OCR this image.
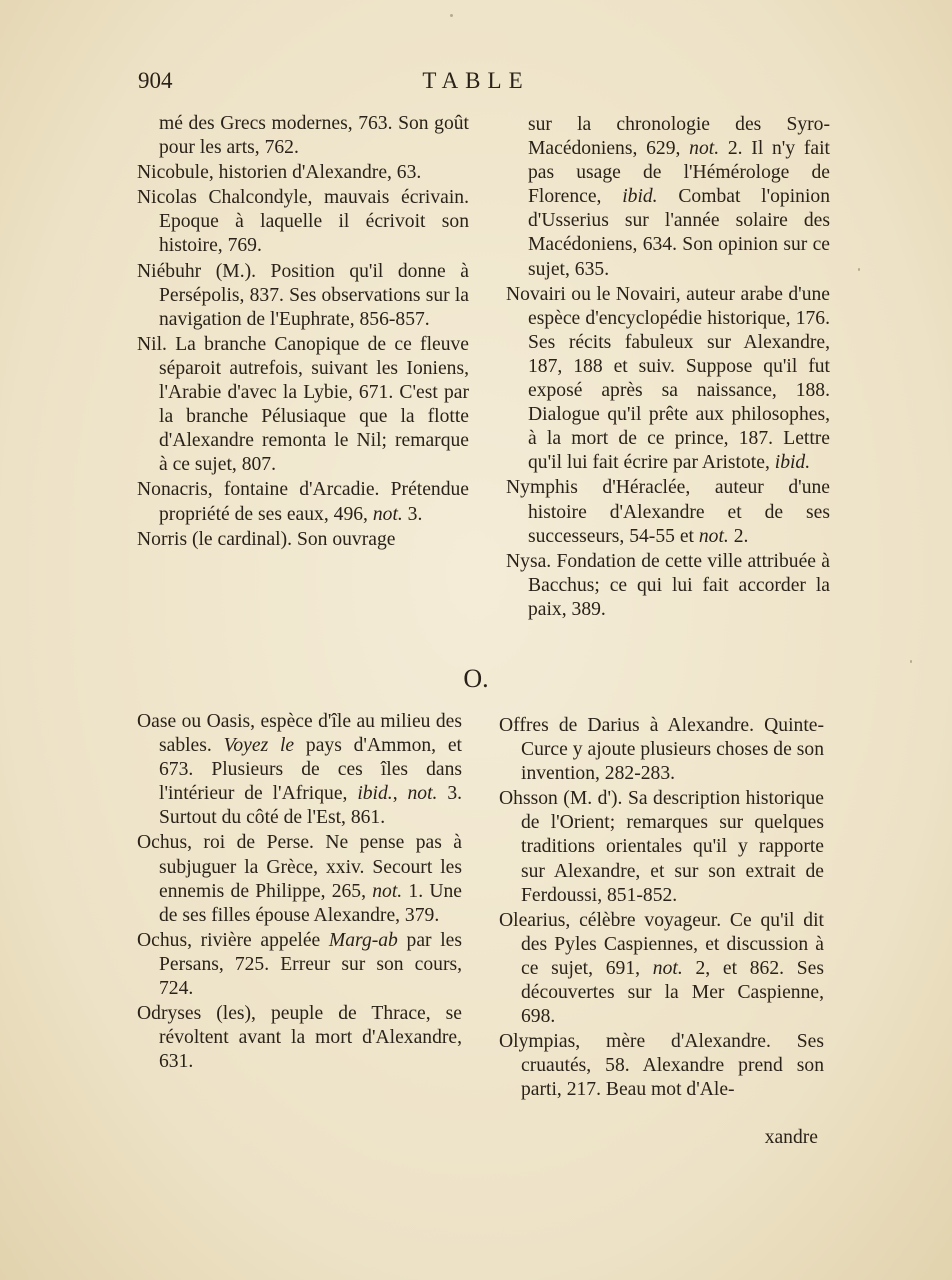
904	TABLE

mé des Grecs modernes, 763. Son goût pour les arts, 762.

Nicobule, historien d'Alexandre, 63.

Nicolas Chalcondyle, mauvais écrivain. Epoque à laquelle il écrivoit son histoire, 769.

Niébuhr (M.). Position qu'il donne à Persépolis, 837. Ses observations sur la navigation de l'Euphrate, 856-857.

Nil. La branche Canopique de ce fleuve séparoit autrefois, suivant les Ioniens, l'Arabie d'avec la Lybie, 671. C'est par la branche Pélusiaque que la flotte d'Alexandre remonta le Nil; remarque à ce sujet, 807.

Nonacris, fontaine d'Arcadie. Prétendue propriété de ses eaux, 496, not. 3.

Norris (le cardinal). Son ouvrage

sur la chronologie des Syro-Macédoniens, 629, not. 2. Il n'y fait pas usage de l'Hémérologe de Florence, ibid. Combat l'opinion d'Usserius sur l'année solaire des Macédoniens, 634. Son opinion sur ce sujet, 635.

Novairi ou le Novairi, auteur arabe d'une espèce d'encyclopédie historique, 176. Ses récits fabuleux sur Alexandre, 187, 188 et suiv. Suppose qu'il fut exposé après sa naissance, 188. Dialogue qu'il prête aux philosophes, à la mort de ce prince, 187. Lettre qu'il lui fait écrire par Aristote, ibid.

Nymphis d'Héraclée, auteur d'une histoire d'Alexandre et de ses successeurs, 54-55 et not. 2.

Nysa. Fondation de cette ville attribuée à Bacchus; ce qui lui fait accorder la paix, 389.

O.

Oase ou Oasis, espèce d'île au milieu des sables. Voyez le pays d'Ammon, et 673. Plusieurs de ces îles dans l'intérieur de l'Afrique, ibid., not. 3. Surtout du côté de l'Est, 861.

Ochus, roi de Perse. Ne pense pas à subjuguer la Grèce, xxiv. Secourt les ennemis de Philippe, 265, not. 1. Une de ses filles épouse Alexandre, 379.

Ochus, rivière appelée Marg-ab par les Persans, 725. Erreur sur son cours, 724.

Odryses (les), peuple de Thrace, se révoltent avant la mort d'Alexandre, 631.

Offres de Darius à Alexandre. Quinte-Curce y ajoute plusieurs choses de son invention, 282-283.

Ohsson (M. d'). Sa description historique de l'Orient; remarques sur quelques traditions orientales qu'il y rapporte sur Alexandre, et sur son extrait de Ferdoussi, 851-852.

Olearius, célèbre voyageur. Ce qu'il dit des Pyles Caspiennes, et discussion à ce sujet, 691, not. 2, et 862. Ses découvertes sur la Mer Caspienne, 698.

Olympias, mère d'Alexandre. Ses cruautés, 58. Alexandre prend son parti, 217. Beau mot d'Ale-

xandre
